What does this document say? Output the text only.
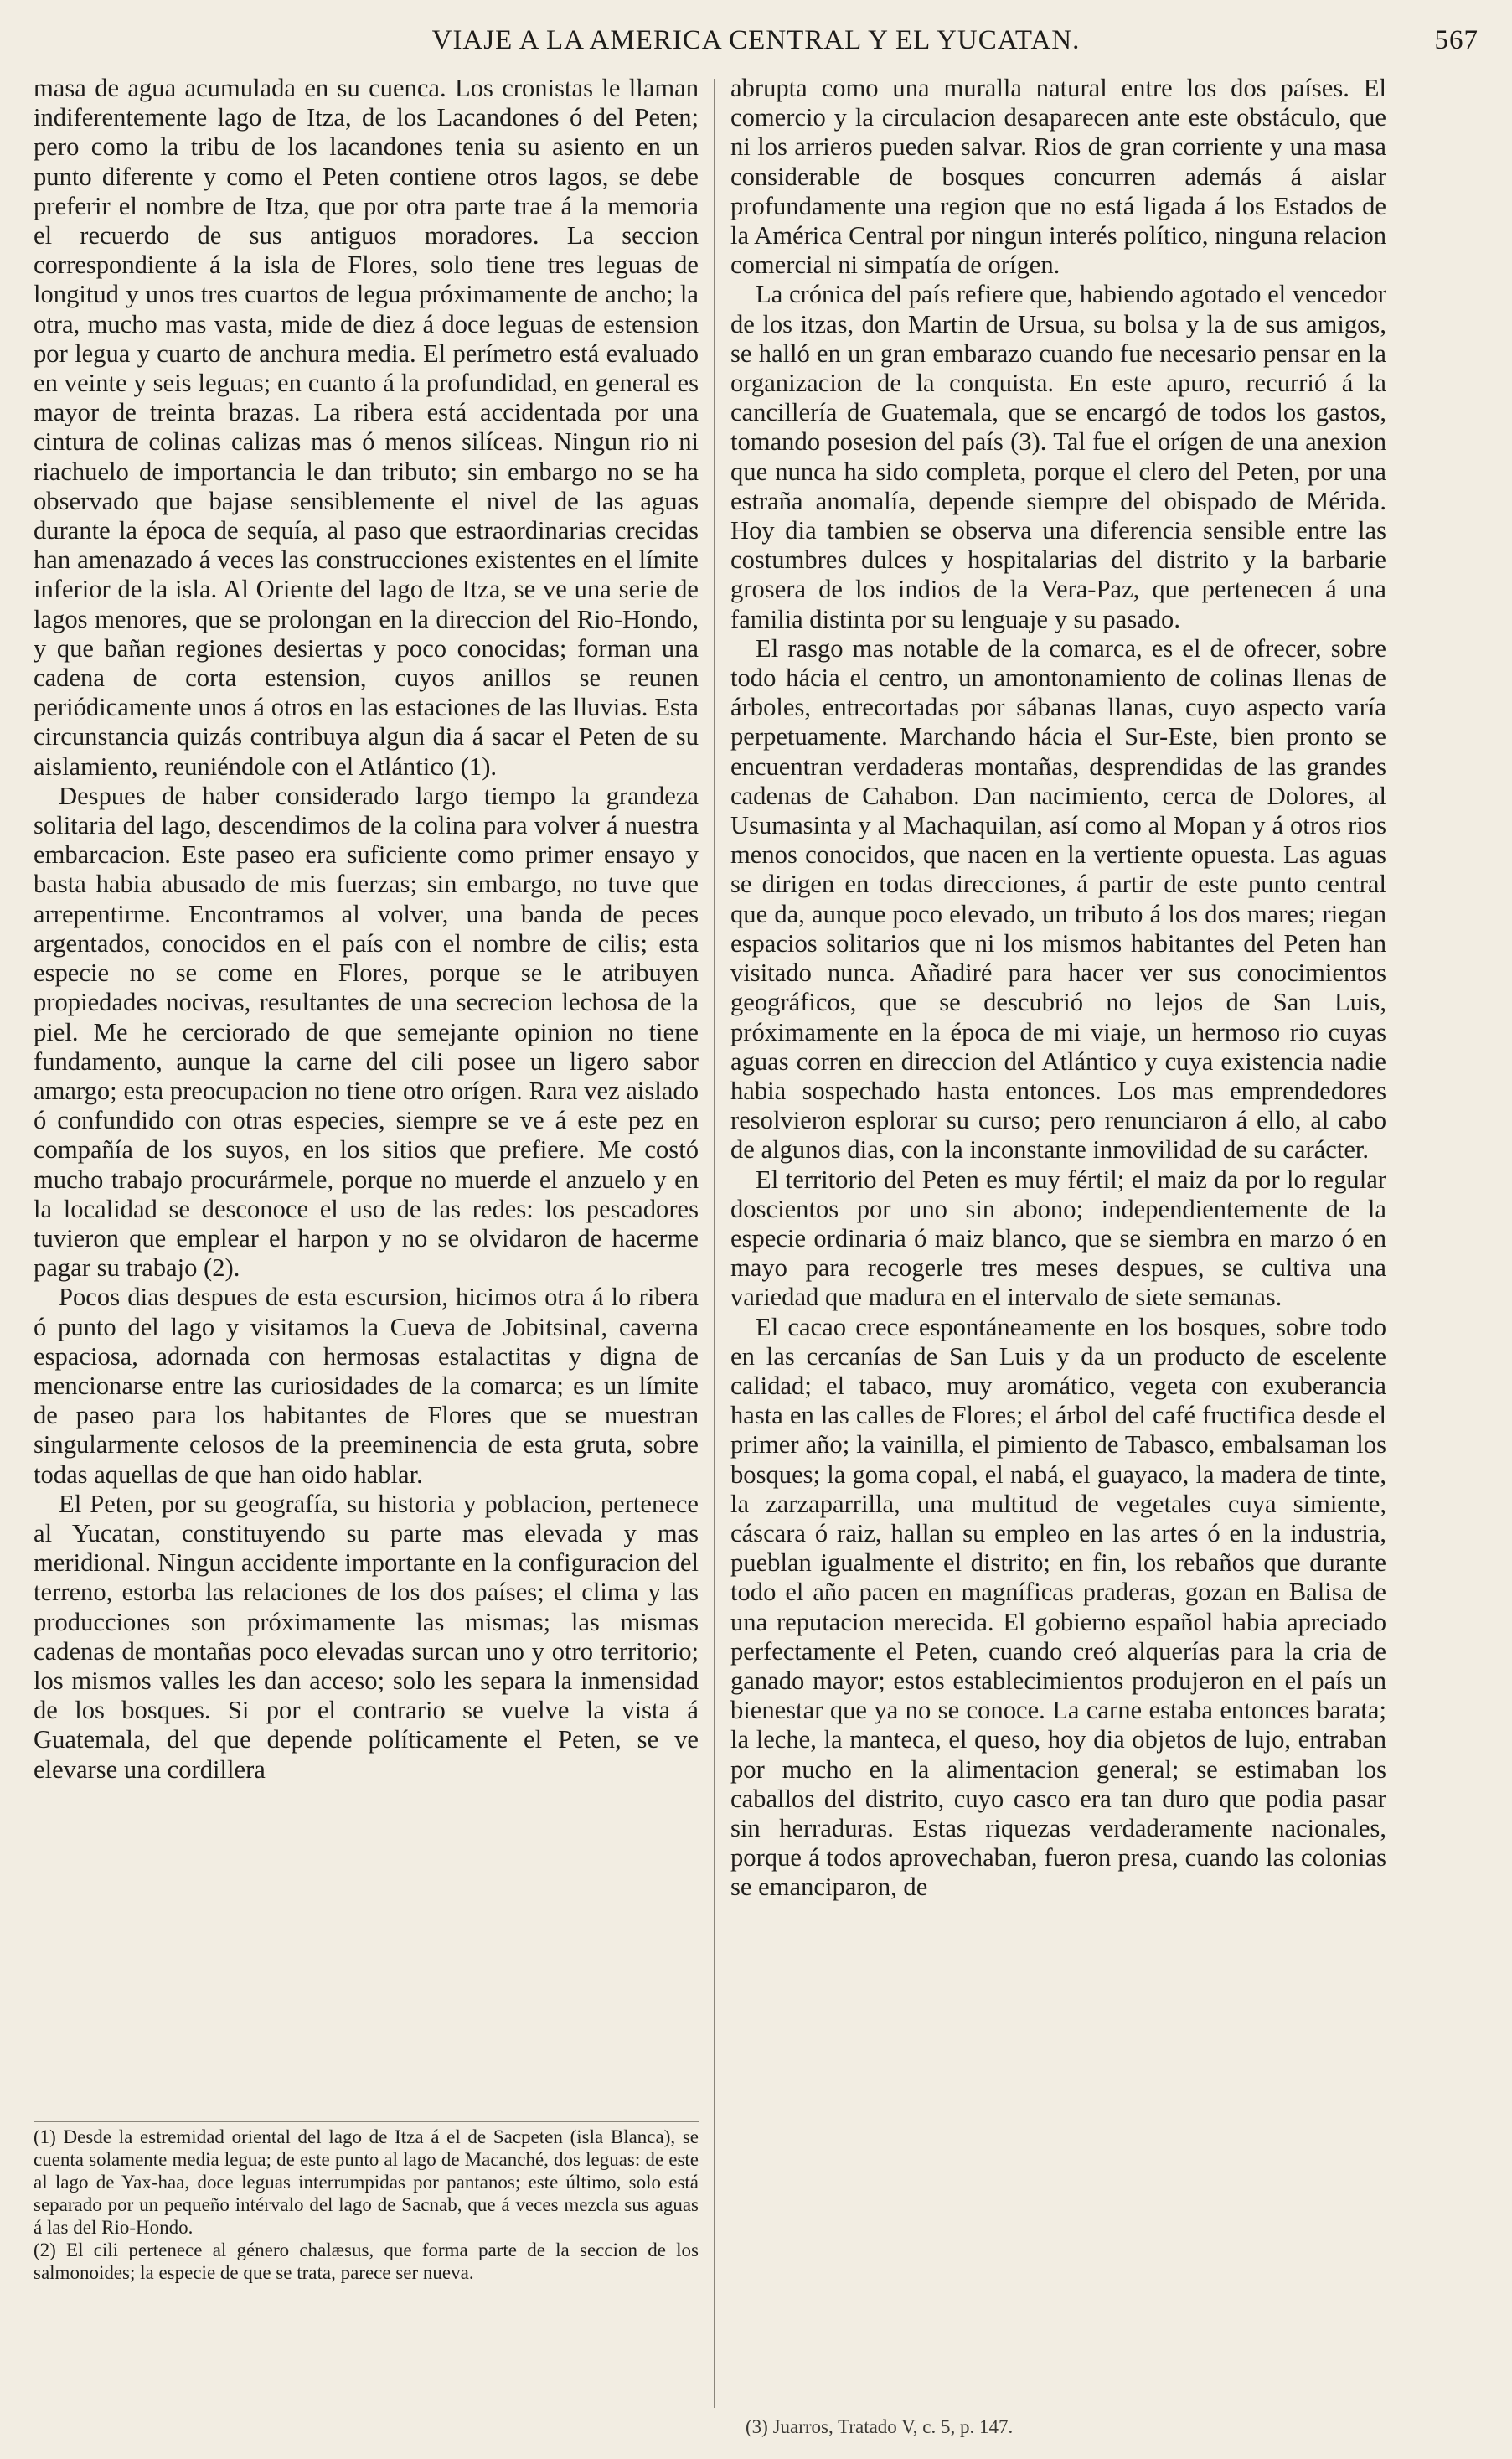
VIAJE A LA AMERICA CENTRAL Y EL YUCATAN.	567

masa de agua acumulada en su cuenca. Los cronistas le llaman indiferentemente lago de Itza, de los Lacandones ó del Peten; pero como la tribu de los lacandones tenia su asiento en un punto diferente y como el Peten contiene otros lagos, se debe preferir el nombre de Itza, que por otra parte trae á la memoria el recuerdo de sus antiguos moradores. La seccion correspondiente á la isla de Flores, solo tiene tres leguas de longitud y unos tres cuartos de legua próximamente de ancho; la otra, mucho mas vasta, mide de diez á doce leguas de estension por legua y cuarto de anchura media. El perímetro está evaluado en veinte y seis leguas; en cuanto á la profundidad, en general es mayor de treinta brazas. La ribera está accidentada por una cintura de colinas calizas mas ó menos silíceas. Ningun rio ni riachuelo de importancia le dan tributo; sin embargo no se ha observado que bajase sensiblemente el nivel de las aguas durante la época de sequía, al paso que estraordinarias crecidas han amenazado á veces las construcciones existentes en el límite inferior de la isla. Al Oriente del lago de Itza, se ve una serie de lagos menores, que se prolongan en la direccion del Rio-Hondo, y que bañan regiones desiertas y poco conocidas; forman una cadena de corta estension, cuyos anillos se reunen periódicamente unos á otros en las estaciones de las lluvias. Esta circunstancia quizás contribuya algun dia á sacar el Peten de su aislamiento, reuniéndole con el Atlántico (1).

Despues de haber considerado largo tiempo la grandeza solitaria del lago, descendimos de la colina para volver á nuestra embarcacion. Este paseo era suficiente como primer ensayo y basta habia abusado de mis fuerzas; sin embargo, no tuve que arrepentirme. Encontramos al volver, una banda de peces argentados, conocidos en el país con el nombre de cilis; esta especie no se come en Flores, porque se le atribuyen propiedades nocivas, resultantes de una secrecion lechosa de la piel. Me he cerciorado de que semejante opinion no tiene fundamento, aunque la carne del cili posee un ligero sabor amargo; esta preocupacion no tiene otro orígen. Rara vez aislado ó confundido con otras especies, siempre se ve á este pez en compañía de los suyos, en los sitios que prefiere. Me costó mucho trabajo procurármele, porque no muerde el anzuelo y en la localidad se desconoce el uso de las redes: los pescadores tuvieron que emplear el harpon y no se olvidaron de hacerme pagar su trabajo (2).

Pocos dias despues de esta escursion, hicimos otra á lo ribera ó punto del lago y visitamos la Cueva de Jobitsinal, caverna espaciosa, adornada con hermosas estalactitas y digna de mencionarse entre las curiosidades de la comarca; es un límite de paseo para los habitantes de Flores que se muestran singularmente celosos de la preeminencia de esta gruta, sobre todas aquellas de que han oido hablar.

El Peten, por su geografía, su historia y poblacion, pertenece al Yucatan, constituyendo su parte mas elevada y mas meridional. Ningun accidente importante en la configuracion del terreno, estorba las relaciones de los dos países; el clima y las producciones son próximamente las mismas; las mismas cadenas de montañas poco elevadas surcan uno y otro territorio; los mismos valles les dan acceso; solo les separa la inmensidad de los bosques. Si por el contrario se vuelve la vista á Guatemala, del que depende políticamente el Peten, se ve elevarse una cordillera

abrupta como una muralla natural entre los dos países. El comercio y la circulacion desaparecen ante este obstáculo, que ni los arrieros pueden salvar. Rios de gran corriente y una masa considerable de bosques concurren además á aislar profundamente una region que no está ligada á los Estados de la América Central por ningun interés político, ninguna relacion comercial ni simpatía de orígen.

La crónica del país refiere que, habiendo agotado el vencedor de los itzas, don Martin de Ursua, su bolsa y la de sus amigos, se halló en un gran embarazo cuando fue necesario pensar en la organizacion de la conquista. En este apuro, recurrió á la cancillería de Guatemala, que se encargó de todos los gastos, tomando posesion del país (3). Tal fue el orígen de una anexion que nunca ha sido completa, porque el clero del Peten, por una estraña anomalía, depende siempre del obispado de Mérida. Hoy dia tambien se observa una diferencia sensible entre las costumbres dulces y hospitalarias del distrito y la barbarie grosera de los indios de la Vera-Paz, que pertenecen á una familia distinta por su lenguaje y su pasado.

El rasgo mas notable de la comarca, es el de ofrecer, sobre todo hácia el centro, un amontonamiento de colinas llenas de árboles, entrecortadas por sábanas llanas, cuyo aspecto varía perpetuamente. Marchando hácia el Sur-Este, bien pronto se encuentran verdaderas montañas, desprendidas de las grandes cadenas de Cahabon. Dan nacimiento, cerca de Dolores, al Usumasinta y al Machaquilan, así como al Mopan y á otros rios menos conocidos, que nacen en la vertiente opuesta. Las aguas se dirigen en todas direcciones, á partir de este punto central que da, aunque poco elevado, un tributo á los dos mares; riegan espacios solitarios que ni los mismos habitantes del Peten han visitado nunca. Añadiré para hacer ver sus conocimientos geográficos, que se descubrió no lejos de San Luis, próximamente en la época de mi viaje, un hermoso rio cuyas aguas corren en direccion del Atlántico y cuya existencia nadie habia sospechado hasta entonces. Los mas emprendedores resolvieron esplorar su curso; pero renunciaron á ello, al cabo de algunos dias, con la inconstante inmovilidad de su carácter.

El territorio del Peten es muy fértil; el maiz da por lo regular doscientos por uno sin abono; independientemente de la especie ordinaria ó maiz blanco, que se siembra en marzo ó en mayo para recogerle tres meses despues, se cultiva una variedad que madura en el intervalo de siete semanas.

El cacao crece espontáneamente en los bosques, sobre todo en las cercanías de San Luis y da un producto de escelente calidad; el tabaco, muy aromático, vegeta con exuberancia hasta en las calles de Flores; el árbol del café fructifica desde el primer año; la vainilla, el pimiento de Tabasco, embalsaman los bosques; la goma copal, el nabá, el guayaco, la madera de tinte, la zarzaparrilla, una multitud de vegetales cuya simiente, cáscara ó raiz, hallan su empleo en las artes ó en la industria, pueblan igualmente el distrito; en fin, los rebaños que durante todo el año pacen en magníficas praderas, gozan en Balisa de una reputacion merecida. El gobierno español habia apreciado perfectamente el Peten, cuando creó alquerías para la cria de ganado mayor; estos establecimientos produjeron en el país un bienestar que ya no se conoce. La carne estaba entonces barata; la leche, la manteca, el queso, hoy dia objetos de lujo, entraban por mucho en la alimentacion general; se estimaban los caballos del distrito, cuyo casco era tan duro que podia pasar sin herraduras. Estas riquezas verdaderamente nacionales, porque á todos aprovechaban, fueron presa, cuando las colonias se emanciparon, de

(1) Desde la estremidad oriental del lago de Itza á el de Sacpeten (isla Blanca), se cuenta solamente media legua; de este punto al lago de Macanché, dos leguas: de este al lago de Yax-haa, doce leguas interrumpidas por pantanos; este último, solo está separado por un pequeño intérvalo del lago de Sacnab, que á veces mezcla sus aguas á las del Rio-Hondo.

(2) El cili pertenece al género chalæsus, que forma parte de la seccion de los salmonoides; la especie de que se trata, parece ser nueva.

(3) Juarros, Tratado V, c. 5, p. 147.
